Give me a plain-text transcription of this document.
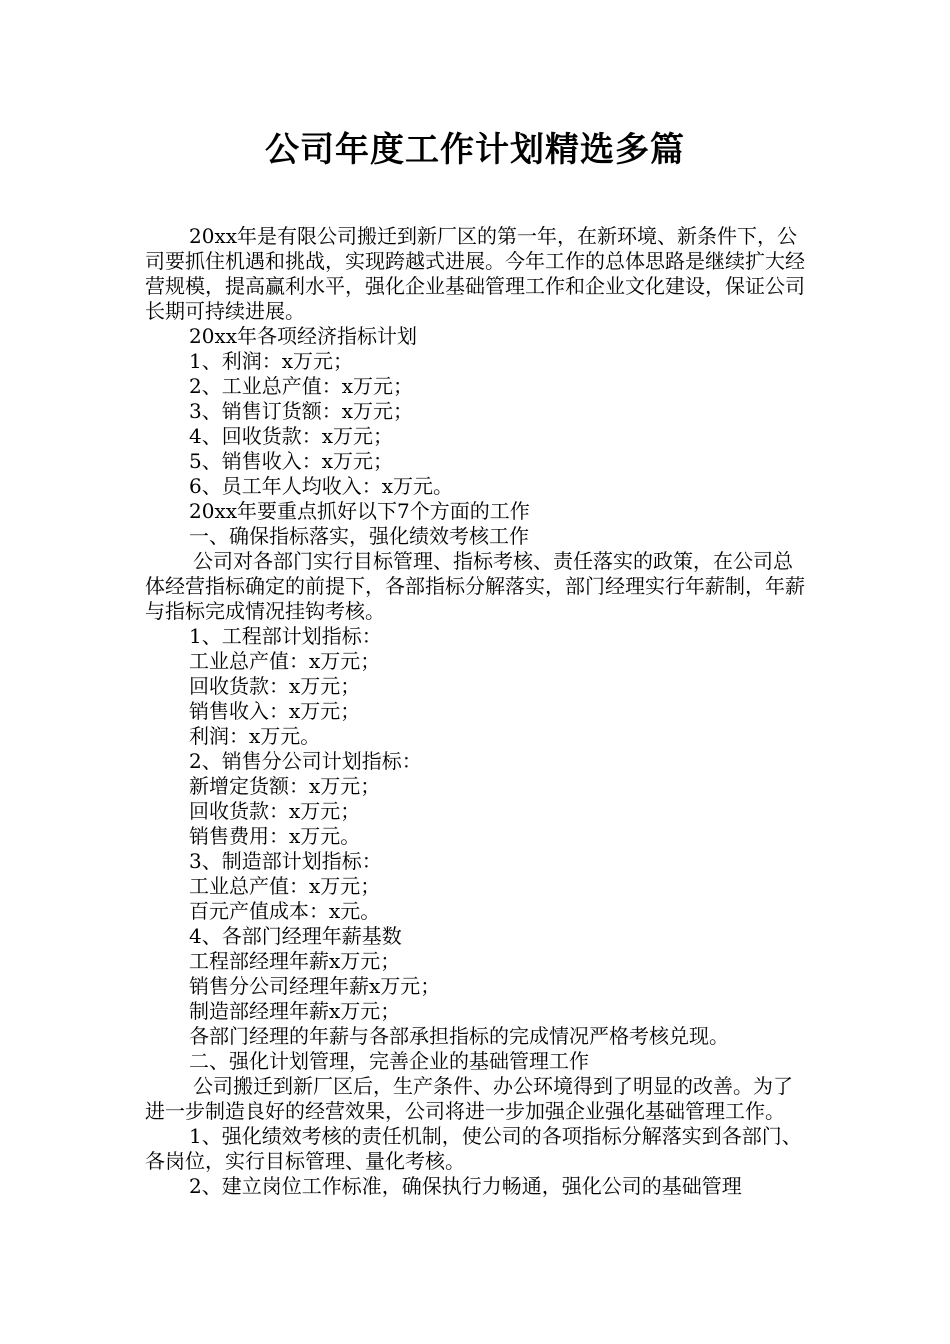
公司年度工作计划精选多篇

20xx年是有限公司搬迁到新厂区的第一年，在新环境、新条件下，公司要抓住机遇和挑战，实现跨越式进展。今年工作的总体思路是继续扩大经营规模，提高赢利水平，强化企业基础管理工作和企业文化建设，保证公司长期可持续进展。

20xx年各项经济指标计划

1、利润：x万元；

2、工业总产值：x万元；

3、销售订货额：x万元；

4、回收货款：x万元；

5、销售收入：x万元；

6、员工年人均收入：x万元。

20xx年要重点抓好以下7个方面的工作

一、确保指标落实，强化绩效考核工作

公司对各部门实行目标管理、指标考核、责任落实的政策，在公司总体经营指标确定的前提下，各部指标分解落实，部门经理实行年薪制，年薪与指标完成情况挂钩考核。

1、工程部计划指标：

工业总产值：x万元；

回收货款：x万元；

销售收入：x万元；

利润：x万元。

2、销售分公司计划指标：

新增定货额：x万元；

回收货款：x万元；

销售费用：x万元。

3、制造部计划指标：

工业总产值：x万元；

百元产值成本：x元。

4、各部门经理年薪基数

工程部经理年薪x万元；

销售分公司经理年薪x万元；

制造部经理年薪x万元；

各部门经理的年薪与各部承担指标的完成情况严格考核兑现。

二、强化计划管理，完善企业的基础管理工作

公司搬迁到新厂区后，生产条件、办公环境得到了明显的改善。为了进一步制造良好的经营效果，公司将进一步加强企业强化基础管理工作。

1、强化绩效考核的责任机制，使公司的各项指标分解落实到各部门、各岗位，实行目标管理、量化考核。

2、建立岗位工作标准，确保执行力畅通，强化公司的基础管理
